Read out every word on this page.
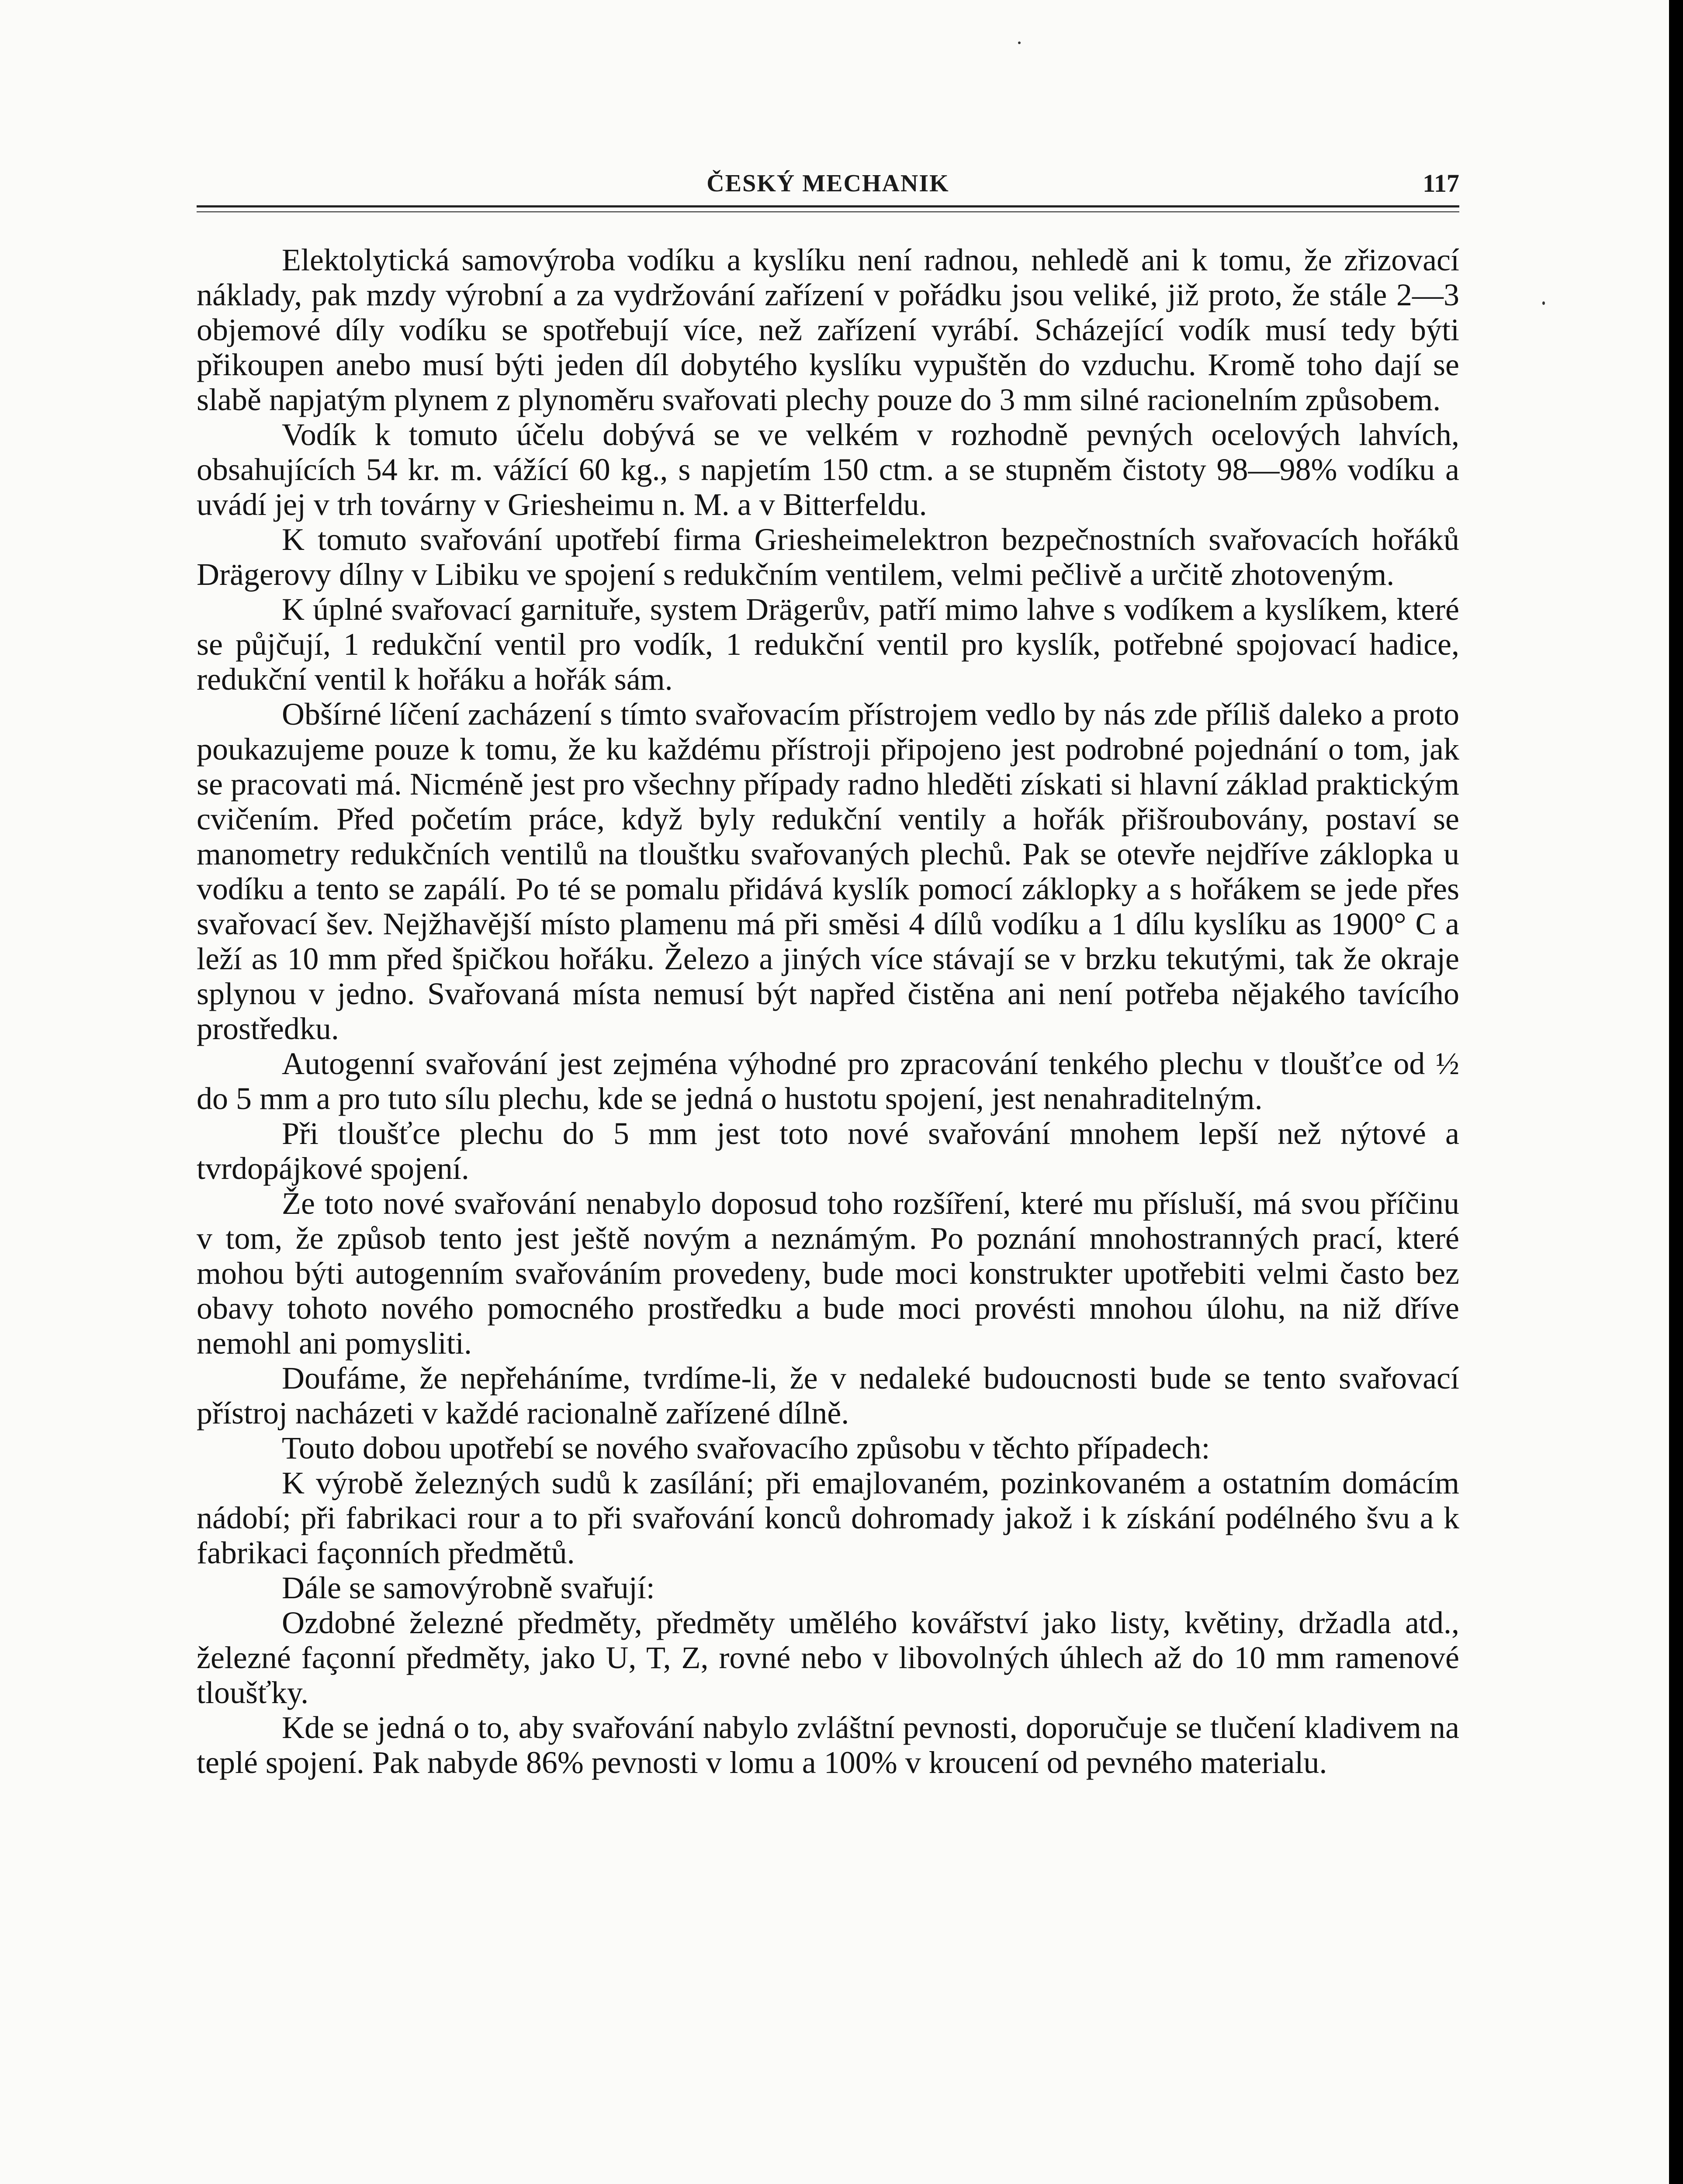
ČESKÝ MECHANIK	117

Elektolytická samovýroba vodíku a kyslíku není radnou, nehledě ani k tomu, že zřizovací náklady, pak mzdy výrobní a za vydržování zařízení v pořádku jsou veliké, již proto, že stále 2—3 objemové díly vodíku se spotřebují více, než zařízení vyrábí. Scházející vodík musí tedy býti přikoupen anebo musí býti jeden díl dobytého kyslíku vypuštěn do vzduchu. Kromě toho dají se slabě napjatým plynem z plynoměru svařovati plechy pouze do 3 mm silné racionelním způsobem.

Vodík k tomuto účelu dobývá se ve velkém v rozhodně pevných ocelových lahvích, obsahujících 54 kr. m. vážící 60 kg., s napjetím 150 ctm. a se stupněm čistoty 98—98% vodíku a uvádí jej v trh továrny v Griesheimu n. M. a v Bitterfeldu.

K tomuto svařování upotřebí firma Griesheimelektron bezpečnostních svařovacích hořáků Drägerovy dílny v Libiku ve spojení s redukčním ventilem, velmi pečlivě a určitě zhotoveným.

K úplné svařovací garnituře, system Drägerův, patří mimo lahve s vodíkem a kyslíkem, které se půjčují, 1 redukční ventil pro vodík, 1 redukční ventil pro kyslík, potřebné spojovací hadice, redukční ventil k hořáku a hořák sám.

Obšírné líčení zacházení s tímto svařovacím přístrojem vedlo by nás zde příliš daleko a proto poukazujeme pouze k tomu, že ku každému přístroji připojeno jest podrobné pojednání o tom, jak se pracovati má. Nicméně jest pro všechny případy radno hleděti získati si hlavní základ praktickým cvičením. Před početím práce, když byly redukční ventily a hořák přišroubovány, postaví se manometry redukčních ventilů na tlouštku svařovaných plechů. Pak se otevře nejdříve záklopka u vodíku a tento se zapálí. Po té se pomalu přidává kyslík pomocí záklopky a s hořákem se jede přes svařovací šev. Nejžhavější místo plamenu má při směsi 4 dílů vodíku a 1 dílu kyslíku as 1900° C a leží as 10 mm před špičkou hořáku. Železo a jiných více stávají se v brzku tekutými, tak že okraje splynou v jedno. Svařovaná místa nemusí být napřed čistěna ani není potřeba nějakého tavícího prostředku.

Autogenní svařování jest zejména výhodné pro zpracování tenkého plechu v tloušťce od ½ do 5 mm a pro tuto sílu plechu, kde se jedná o hustotu spojení, jest nenahraditelným.

Při tloušťce plechu do 5 mm jest toto nové svařování mnohem lepší než nýtové a tvrdopájkové spojení.

Že toto nové svařování nenabylo doposud toho rozšíření, které mu přísluší, má svou příčinu v tom, že způsob tento jest ještě novým a neznámým. Po poznání mnohostranných prací, které mohou býti autogenním svařováním provedeny, bude moci konstrukter upotřebiti velmi často bez obavy tohoto nového pomocného prostředku a bude moci provésti mnohou úlohu, na niž dříve nemohl ani pomysliti.

Doufáme, že nepřeháníme, tvrdíme-li, že v nedaleké budoucnosti bude se tento svařovací přístroj nacházeti v každé racionalně zařízené dílně.

Touto dobou upotřebí se nového svařovacího způsobu v těchto případech:

K výrobě železných sudů k zasílání; při emajlovaném, pozinkovaném a ostatním domácím nádobí; při fabrikaci rour a to při svařování konců dohromady jakož i k získání podélného švu a k fabrikaci façonních předmětů.

Dále se samovýrobně svařují:

Ozdobné železné předměty, předměty umělého kovářství jako listy, květiny, držadla atd., železné façonní předměty, jako U, T, Z, rovné nebo v libovolných úhlech až do 10 mm ramenové tloušťky.

Kde se jedná o to, aby svařování nabylo zvláštní pevnosti, doporučuje se tlučení kladivem na teplé spojení. Pak nabyde 86% pevnosti v lomu a 100% v kroucení od pevného materialu.
